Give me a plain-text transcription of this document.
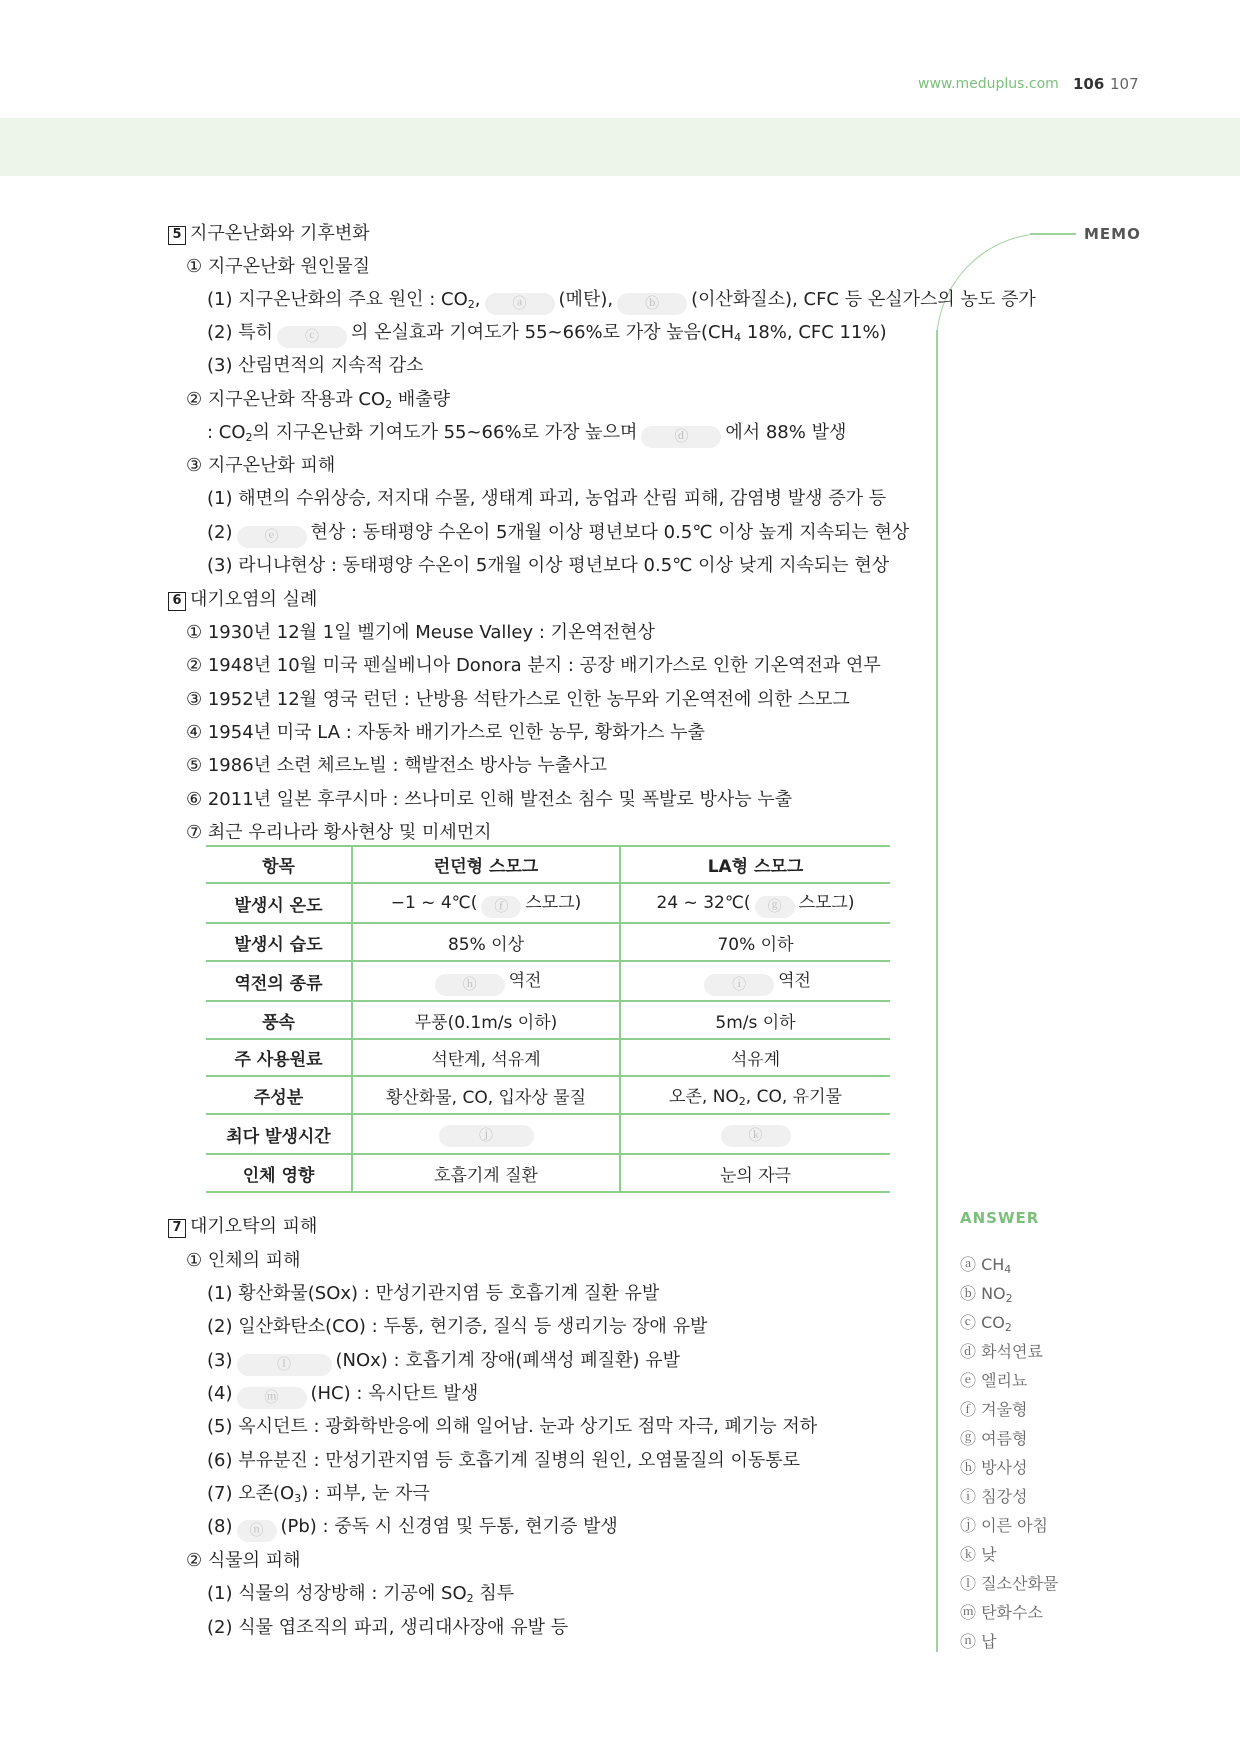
www.meduplus.com 106 107
MEMO
5 지구온난화와 기후변화
① 지구온난화 원인물질
(1) 지구온난화의 주요 원인 : $CO_2$, ⓐ (메탄), ⓑ (이산화질소), CFC 등 온실가스의 농도 증가
(2) 특히 ⓒ 의 온실효과 기여도가 55~66%로 가장 높음($CH_4$ 18%, CFC 11%)
(3) 산림면적의 지속적 감소
② 지구온난화 작용과 $CO_2$ 배출량
: $CO_2$의 지구온난화 기여도가 55~66%로 가장 높으며	ⓓ 에서 88% 발생
③ 지구온난화 피해
(1) 해면의 수위상승, 저지대 수몰, 생태계 파괴, 농업과 산림 피해, 감염병 발생 증가 등
(2) ⓔ 현상 : 동태평양 수온이 5개월 이상 평년보다 0.5℃ 이상 높게 지속되는 현상
(3) 라니냐현상 : 동태평양 수온이 5개월 이상 평년보다 0.5℃ 이상 낮게 지속되는 현상
6 대기오염의 실례
① 1930년 12월 1일 벨기에 Meuse Valley : 기온역전현상
② 1948년 10월 미국 펜실베니아 Donora 분지 : 공장 배기가스로 인한 기온역전과 연무
③ 1952년 12월 영국 런던 : 난방용 석탄가스로 인한 농무와 기온역전에 의한 스모그
④ 1954년 미국 LA : 자동차 배기가스로 인한 농무, 황화가스 누출
⑤ 1986년 소련 체르노빌 : 핵발전소 방사능 누출사고
⑥ 2011년 일본 후쿠시마 : 쓰나미로 인해 발전소 침수 및 폭발로 방사능 누출
⑦ 최근 우리나라 황사현상 및 미세먼지
항목	런던형 스모그	LA형 스모그
발생시 온도	−1 ~ 4℃( ⓕ 스모그)	24 ~ 32℃( ⓖ 스모그)
발생시 습도	85% 이상	70% 이하
역전의 종류	ⓗ 역전	ⓘ 역전
풍속	무풍(0.1m/s 이하)	5m/s 이하
주 사용원료	석탄계, 석유계	석유계
주성분	황산화물, CO, 입자상 물질	오존, $NO_2$, CO, 유기물
최다 발생시간	ⓙ	ⓚ
인체 영향	호흡기계 질환	눈의 자극
7 대기오탁의 피해
① 인체의 피해
(1) 황산화물(SOx) : 만성기관지염 등 호흡기계 질환 유발
(2) 일산화탄소(CO) : 두통, 현기증, 질식 등 생리기능 장애 유발
(3)	ⓛ (NOx) : 호흡기계 장애(폐색성 폐질환) 유발
(4) ⓜ (HC) : 옥시단트 발생
(5) 옥시던트 : 광화학반응에 의해 일어남. 눈과 상기도 점막 자극, 폐기능 저하
(6) 부유분진 : 만성기관지염 등 호흡기계 질병의 원인, 오염물질의 이동통로
(7) 오존$(O_3)$ : 피부, 눈 자극
(8) ⓝ (Pb) : 중독 시 신경염 및 두통, 현기증 발생
② 식물의 피해
(1) 식물의 성장방해 : 기공에 $SO_2$ 침투
(2) 식물 엽조직의 파괴, 생리대사장애 유발 등
ANSWER
ⓐ $CH_4$
ⓑ $NO_2$
ⓒ $CO_2$
ⓓ 화석연료
ⓔ 엘리뇨
ⓕ 겨울형
ⓖ 여름형
ⓗ 방사성
ⓘ 침강성
ⓙ 이른 아침
ⓚ 낮
ⓛ 질소산화물
ⓜ 탄화수소
ⓝ 납
